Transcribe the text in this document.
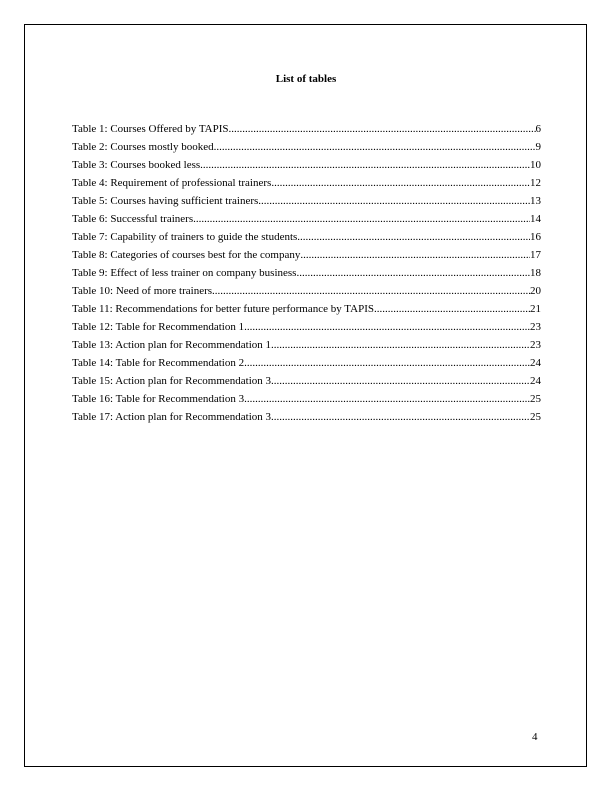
List of tables
Table 1: Courses Offered by TAPIS .....	6
Table 2: Courses mostly booked .....	9
Table 3: Courses booked less .....	10
Table 4: Requirement of professional trainers .....	12
Table 5: Courses having sufficient trainers .....	13
Table 6: Successful trainers .....	14
Table 7: Capability of trainers to guide the students .....	16
Table 8: Categories of courses best for the company .....	17
Table 9: Effect of less trainer on company business .....	18
Table 10: Need of more trainers .....	20
Table 11: Recommendations for better future performance by TAPIS .....	21
Table 12: Table for Recommendation 1 .....	23
Table 13: Action plan for Recommendation 1 .....	23
Table 14: Table for Recommendation 2 .....	24
Table 15: Action plan for Recommendation 3 .....	24
Table 16: Table for Recommendation 3 .....	25
Table 17: Action plan for Recommendation 3 .....	25
4
